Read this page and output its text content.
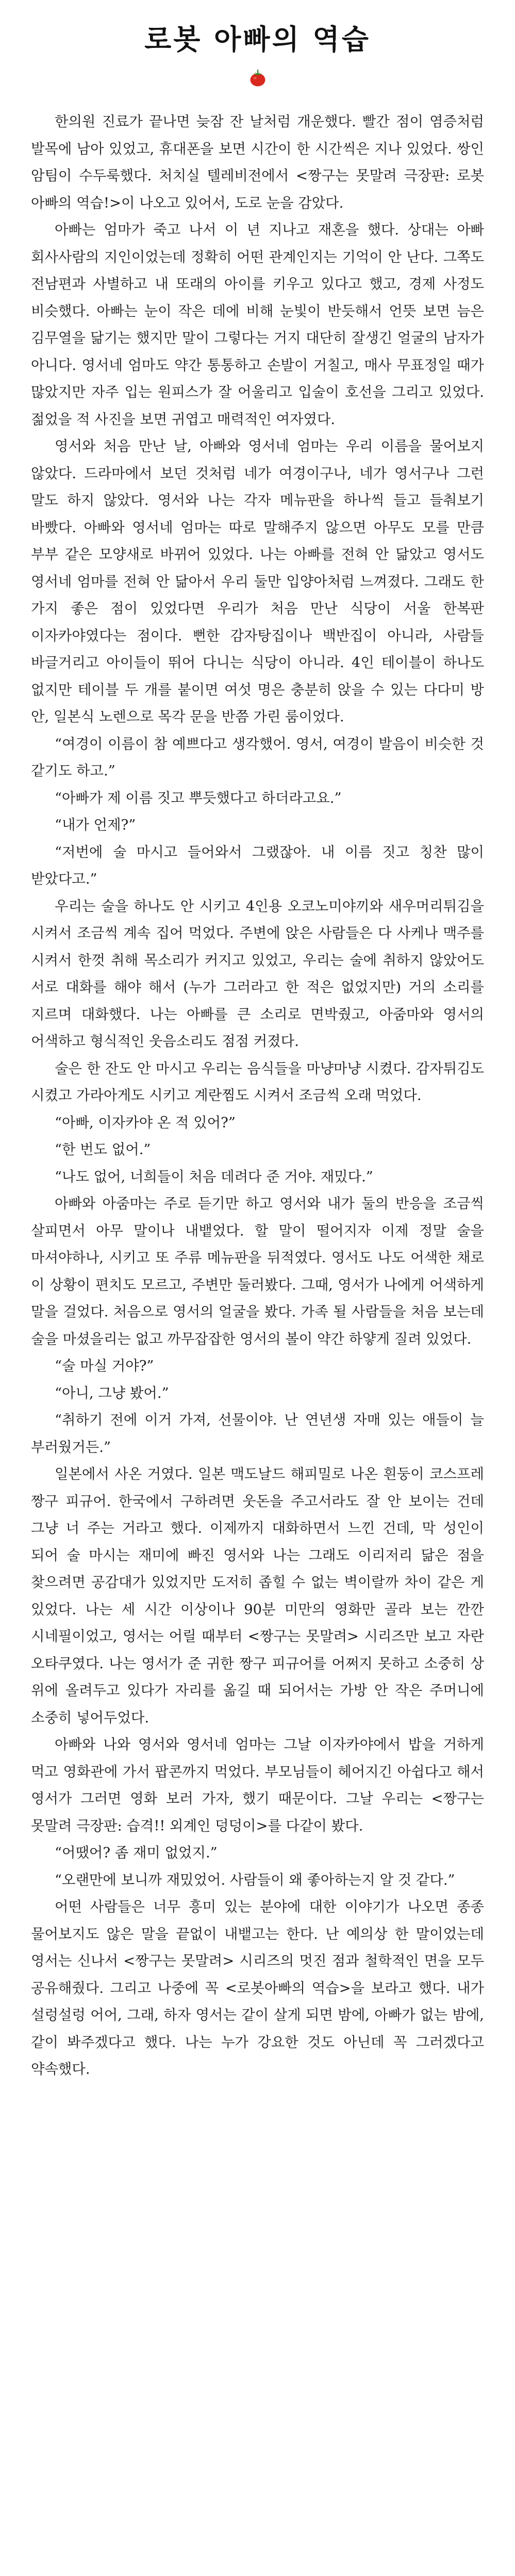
로봇 아빠의 역습

한의원 진료가 끝나면 늦잠 잔 날처럼 개운했다. 빨간 점이 염증처럼 발목에 남아 있었고, 휴대폰을 보면 시간이 한 시간씩은 지나 있었다. 쌍인 암팀이 수두룩했다. 처치실 텔레비전에서 <짱구는 못말려 극장판: 로봇 아빠의 역습!>이 나오고 있어서, 도로 눈을 감았다.

아빠는 엄마가 죽고 나서 이 년 지나고 재혼을 했다. 상대는 아빠 회사사람의 지인이었는데 정확히 어떤 관계인지는 기억이 안 난다. 그쪽도 전남편과 사별하고 내 또래의 아이를 키우고 있다고 했고, 경제 사정도 비슷했다. 아빠는 눈이 작은 데에 비해 눈빛이 반듯해서 언뜻 보면 늠은 김무열을 닮기는 했지만 말이 그렇다는 거지 대단히 잘생긴 얼굴의 남자가 아니다. 영서네 엄마도 약간 통통하고 손발이 거칠고, 매사 무표정일 때가 많았지만 자주 입는 원피스가 잘 어울리고 입술이 호선을 그리고 있었다. 젊었을 적 사진을 보면 귀엽고 매력적인 여자였다.

영서와 처음 만난 날, 아빠와 영서네 엄마는 우리 이름을 물어보지 않았다. 드라마에서 보던 것처럼 네가 여경이구나, 네가 영서구나 그런 말도 하지 않았다. 영서와 나는 각자 메뉴판을 하나씩 들고 들춰보기 바빴다. 아빠와 영서네 엄마는 따로 말해주지 않으면 아무도 모를 만큼 부부 같은 모양새로 바뀌어 있었다. 나는 아빠를 전혀 안 닮았고 영서도 영서네 엄마를 전혀 안 닮아서 우리 둘만 입양아처럼 느껴졌다. 그래도 한 가지 좋은 점이 있었다면 우리가 처음 만난 식당이 서울 한복판 이자카야였다는 점이다. 뻔한 감자탕집이나 백반집이 아니라, 사람들 바글거리고 아이들이 뛰어 다니는 식당이 아니라. 4인 테이블이 하나도 없지만 테이블 두 개를 붙이면 여섯 명은 충분히 앉을 수 있는 다다미 방 안, 일본식 노렌으로 목각 문을 반쯤 가린 룸이었다.

“여경이 이름이 참 예쁘다고 생각했어. 영서, 여경이 발음이 비슷한 것 같기도 하고.”

“아빠가 제 이름 짓고 뿌듯했다고 하더라고요.”

“내가 언제?”

“저번에 술 마시고 들어와서 그랬잖아. 내 이름 짓고 칭찬 많이 받았다고.”

우리는 술을 하나도 안 시키고 4인용 오코노미야끼와 새우머리튀김을 시켜서 조금씩 계속 집어 먹었다. 주변에 앉은 사람들은 다 사케나 맥주를 시켜서 한껏 취해 목소리가 커지고 있었고, 우리는 술에 취하지 않았어도 서로 대화를 해야 해서 (누가 그러라고 한 적은 없었지만) 거의 소리를 지르며 대화했다. 나는 아빠를 큰 소리로 면박줬고, 아줌마와 영서의 어색하고 형식적인 웃음소리도 점점 커졌다.

술은 한 잔도 안 마시고 우리는 음식들을 마냥마냥 시켰다. 감자튀김도 시켰고 가라아게도 시키고 계란찜도 시켜서 조금씩 오래 먹었다.

“아빠, 이자카야 온 적 있어?”

“한 번도 없어.”

“나도 없어, 너희들이 처음 데려다 준 거야. 재밌다.”

아빠와 아줌마는 주로 듣기만 하고 영서와 내가 둘의 반응을 조금씩 살피면서 아무 말이나 내뱉었다. 할 말이 떨어지자 이제 정말 술을 마셔야하나, 시키고 또 주류 메뉴판을 뒤적였다. 영서도 나도 어색한 채로 이 상황이 편치도 모르고, 주변만 둘러봤다. 그때, 영서가 나에게 어색하게 말을 걸었다. 처음으로 영서의 얼굴을 봤다. 가족 될 사람들을 처음 보는데 술을 마셨을리는 없고 까무잡잡한 영서의 볼이 약간 하얗게 질려 있었다.

“술 마실 거야?”

“아니, 그냥 봤어.”

“취하기 전에 이거 가져, 선물이야. 난 연년생 자매 있는 애들이 늘 부러웠거든.”

일본에서 사온 거였다. 일본 맥도날드 해피밀로 나온 흰둥이 코스프레 짱구 피규어. 한국에서 구하려면 웃돈을 주고서라도 잘 안 보이는 건데 그냥 너 주는 거라고 했다. 이제까지 대화하면서 느낀 건데, 막 성인이 되어 술 마시는 재미에 빠진 영서와 나는 그래도 이리저리 닮은 점을 찾으려면 공감대가 있었지만 도저히 좁힐 수 없는 벽이랄까 차이 같은 게 있었다. 나는 세 시간 이상이나 90분 미만의 영화만 골라 보는 깐깐 시네필이었고, 영서는 어릴 때부터 <짱구는 못말려> 시리즈만 보고 자란 오타쿠였다. 나는 영서가 준 귀한 짱구 피규어를 어쩌지 못하고 소중히 상 위에 올려두고 있다가 자리를 옮길 때 되어서는 가방 안 작은 주머니에 소중히 넣어두었다.

아빠와 나와 영서와 영서네 엄마는 그날 이자카야에서 밥을 거하게 먹고 영화관에 가서 팝콘까지 먹었다. 부모님들이 헤어지긴 아쉽다고 해서 영서가 그러면 영화 보러 가자, 했기 때문이다. 그날 우리는 <짱구는 못말려 극장판: 습격!! 외계인 덩덩이>를 다같이 봤다.

“어땠어? 좀 재미 없었지.”

“오랜만에 보니까 재밌었어. 사람들이 왜 좋아하는지 알 것 같다.”

어떤 사람들은 너무 흥미 있는 분야에 대한 이야기가 나오면 종종 물어보지도 않은 말을 끝없이 내뱉고는 한다. 난 예의상 한 말이었는데 영서는 신나서 <짱구는 못말려> 시리즈의 멋진 점과 철학적인 면을 모두 공유해줬다. 그리고 나중에 꼭 <로봇아빠의 역습>을 보라고 했다. 내가 설렁설렁 어어, 그래, 하자 영서는 같이 살게 되면 밤에, 아빠가 없는 밤에, 같이 봐주겠다고 했다. 나는 누가 강요한 것도 아닌데 꼭 그러겠다고 약속했다.
